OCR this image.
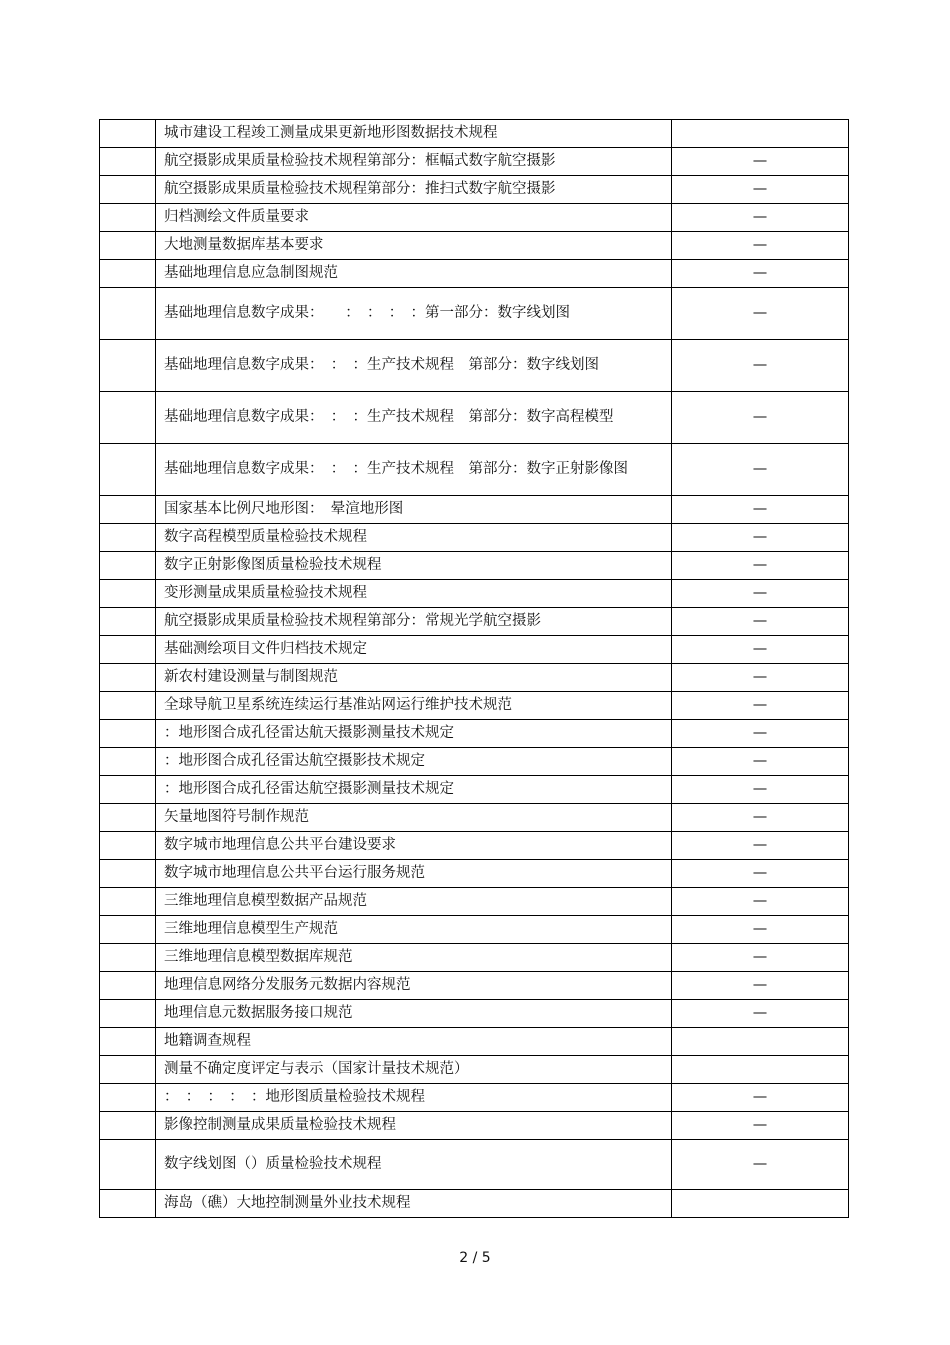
	城市建设工程竣工测量成果更新地形图数据技术规程	
	航空摄影成果质量检验技术规程第部分：框幅式数字航空摄影	—
	航空摄影成果质量检验技术规程第部分：推扫式数字航空摄影	—
	归档测绘文件质量要求	—
	大地测量数据库基本要求	—
	基础地理信息应急制图规范	—
	基础地理信息数字成果：　　：　：　：　：第一部分：数字线划图	—
	基础地理信息数字成果：　：　：生产技术规程　第部分：数字线划图	—
	基础地理信息数字成果：　：　：生产技术规程　第部分：数字高程模型	—
	基础地理信息数字成果：　：　：生产技术规程　第部分：数字正射影像图	—
	国家基本比例尺地形图：　晕渲地形图	—
	数字高程模型质量检验技术规程	—
	数字正射影像图质量检验技术规程	—
	变形测量成果质量检验技术规程	—
	航空摄影成果质量检验技术规程第部分：常规光学航空摄影	—
	基础测绘项目文件归档技术规定	—
	新农村建设测量与制图规范	—
	全球导航卫星系统连续运行基准站网运行维护技术规范	—
	：地形图合成孔径雷达航天摄影测量技术规定	—
	：地形图合成孔径雷达航空摄影技术规定	—
	：地形图合成孔径雷达航空摄影测量技术规定	—
	矢量地图符号制作规范	—
	数字城市地理信息公共平台建设要求	—
	数字城市地理信息公共平台运行服务规范	—
	三维地理信息模型数据产品规范	—
	三维地理信息模型生产规范	—
	三维地理信息模型数据库规范	—
	地理信息网络分发服务元数据内容规范	—
	地理信息元数据服务接口规范	—
	地籍调查规程	
	测量不确定度评定与表示（国家计量技术规范）	
	：　：　：　：　：地形图质量检验技术规程	—
	影像控制测量成果质量检验技术规程	—
	数字线划图（）质量检验技术规程	—
	海岛（礁）大地控制测量外业技术规程	
2 / 5
